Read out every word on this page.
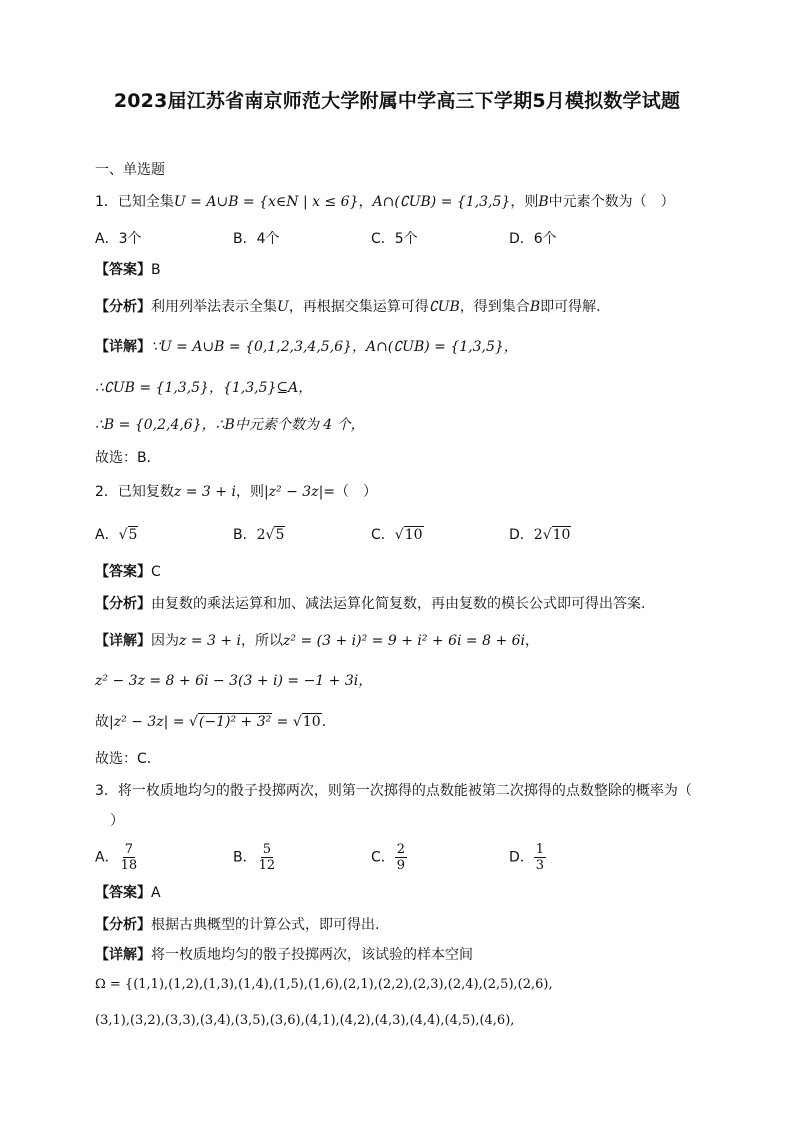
2023届江苏省南京师范大学附属中学高三下学期5月模拟数学试题
一、单选题
1．已知全集U = A∪B = {x∈N | x ≤ 6}，A∩(∁UB) = {1,3,5}，则B中元素个数为（　）
A．3个	B．4个	C．5个	D．6个
【答案】B
【分析】利用列举法表示全集U，再根据交集运算可得∁UB，得到集合B即可得解.
【详解】∵U = A∪B = {0,1,2,3,4,5,6}，A∩(∁UB) = {1,3,5}，
∴∁UB = {1,3,5}，{1,3,5}⊆A，
∴B = {0,2,4,6}，∴B中元素个数为 4 个，
故选：B．
2．已知复数z = 3 + i，则|z² − 3z|=（　）
A．√5	B．2√5	C．√10	D．2√10
【答案】C
【分析】由复数的乘法运算和加、减法运算化简复数，再由复数的模长公式即可得出答案.
【详解】因为z = 3 + i，所以z² = (3 + i)² = 9 + i² + 6i = 8 + 6i，
z² − 3z = 8 + 6i − 3(3 + i) = −1 + 3i，
故|z² − 3z| = √(−1)² + 3² = √10.
故选：C.
3．将一枚质地均匀的骰子投掷两次，则第一次掷得的点数能被第二次掷得的点数整除的概率为（
）
A． $\frac{7}{18}$	B． $\frac{5}{12}$	C． $\frac{2}{9}$	D． $\frac{1}{3}$
【答案】A
【分析】根据古典概型的计算公式，即可得出.
【详解】将一枚质地均匀的骰子投掷两次，该试验的样本空间
Ω = {(1,1),(1,2),(1,3),(1,4),(1,5),(1,6),(2,1),(2,2),(2,3),(2,4),(2,5),(2,6),
(3,1),(3,2),(3,3),(3,4),(3,5),(3,6),(4,1),(4,2),(4,3),(4,4),(4,5),(4,6),
